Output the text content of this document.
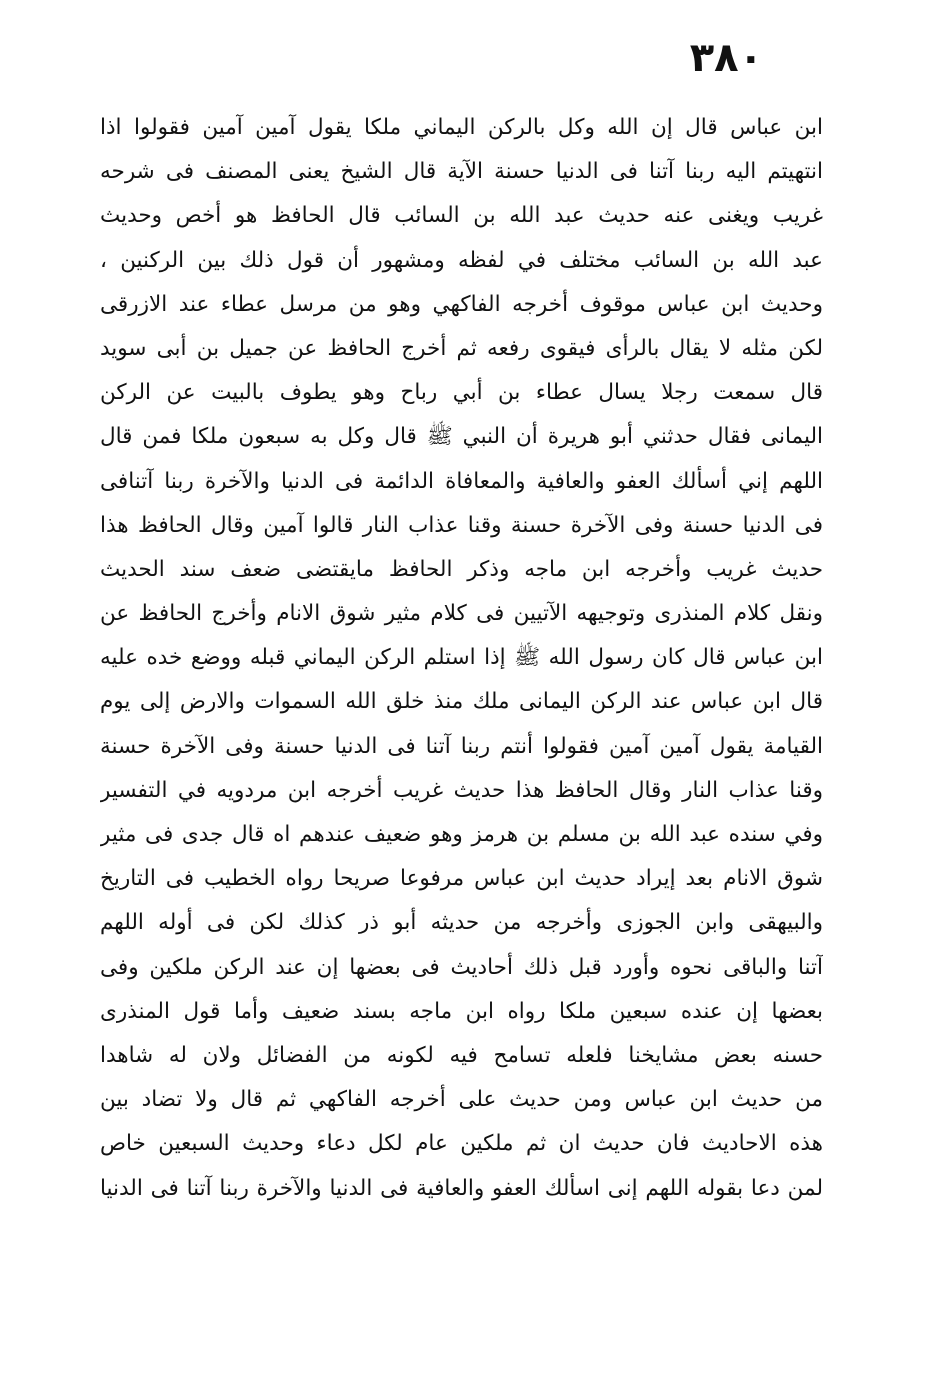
٣٨٠
ابن عباس قال إن الله وكل بالركن اليماني ملكا يقول آمين آمين فقولوا اذا
انتهيتم اليه ربنا آتنا فى الدنيا حسنة الآية قال الشيخ يعنى المصنف فى شرحه
غريب ويغنى عنه حديث عبد الله بن السائب قال الحافظ هو أخص وحديث
عبد الله بن السائب مختلف في لفظه ومشهور أن قول ذلك بين الركنين ،
وحديث ابن عباس موقوف أخرجه الفاكهي وهو من مرسل عطاء عند الازرقى
لكن مثله لا يقال بالرأى فيقوى رفعه ثم أخرج الحافظ عن جميل بن أبى سويد
قال سمعت رجلا يسال عطاء بن أبي رباح وهو يطوف بالبيت عن الركن
اليمانى فقال حدثني أبو هريرة أن النبي ﷺ قال وكل به سبعون ملكا فمن قال
اللهم إني أسألك العفو والعافية والمعافاة الدائمة فى الدنيا والآخرة ربنا آتنافى
فى الدنيا حسنة وفى الآخرة حسنة وقنا عذاب النار قالوا آمين وقال الحافظ هذا
حديث غريب وأخرجه ابن ماجه وذكر الحافظ مايقتضى ضعف سند الحديث
ونقل كلام المنذرى وتوجيهه الآتيين فى كلام مثير شوق الانام وأخرج الحافظ عن
ابن عباس قال كان رسول الله ﷺ إذا استلم الركن اليماني قبله ووضع خده عليه
قال ابن عباس عند الركن اليمانى ملك منذ خلق الله السموات والارض إلى يوم
القيامة يقول آمين آمين فقولوا أنتم ربنا آتنا فى الدنيا حسنة وفى الآخرة حسنة
وقنا عذاب النار وقال الحافظ هذا حديث غريب أخرجه ابن مردويه في التفسير
وفي سنده عبد الله بن مسلم بن هرمز وهو ضعيف عندهم اه قال جدى فى مثير
شوق الانام بعد إيراد حديث ابن عباس مرفوعا صريحا رواه الخطيب فى التاريخ
والبيهقى وابن الجوزى وأخرجه من حديثه أبو ذر كذلك لكن فى أوله اللهم
آتنا والباقى نحوه وأورد قبل ذلك أحاديث فى بعضها إن عند الركن ملكين وفى
بعضها إن عنده سبعين ملكا رواه ابن ماجه بسند ضعيف وأما قول المنذرى
حسنه بعض مشايخنا فلعله تسامح فيه لكونه من الفضائل ولان له شاهدا
من حديث ابن عباس ومن حديث على أخرجه الفاكهي ثم قال ولا تضاد بين
هذه الاحاديث فان حديث ان ثم ملكين عام لكل دعاء وحديث السبعين خاص
لمن دعا بقوله اللهم إنى اسألك العفو والعافية فى الدنيا والآخرة ربنا آتنا فى الدنيا
